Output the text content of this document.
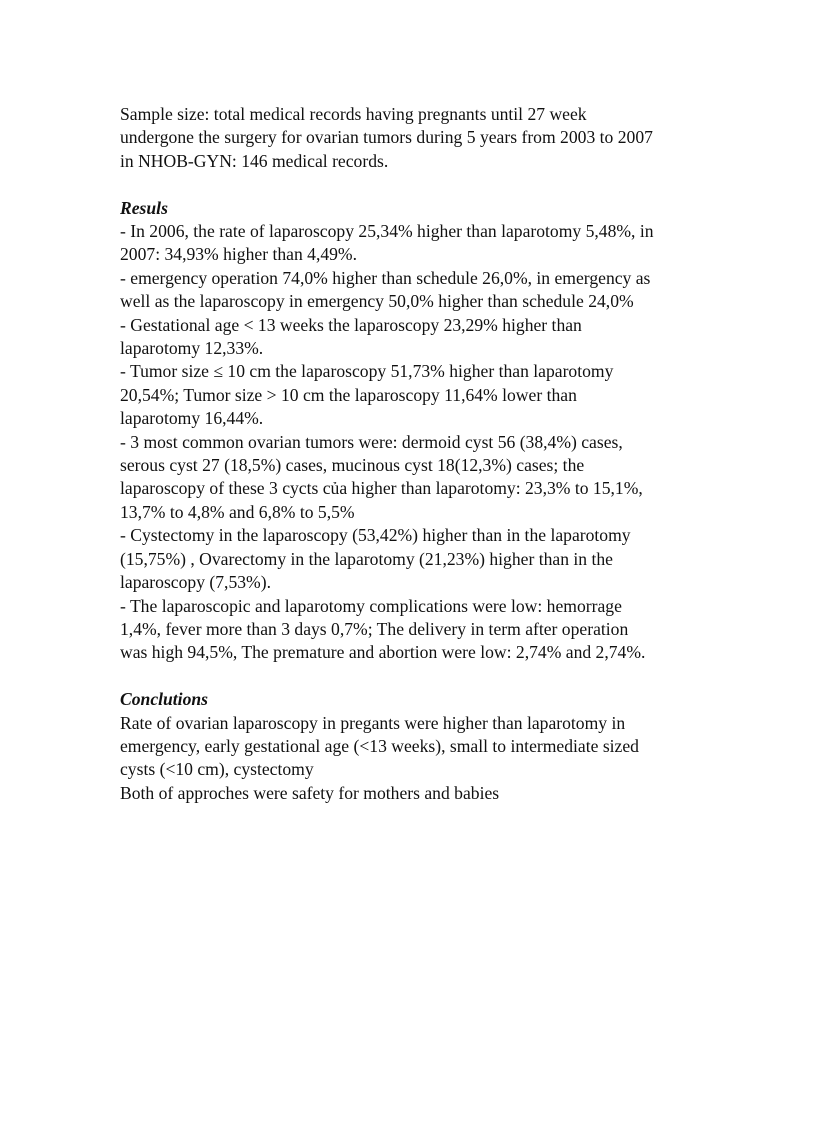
Sample size: total medical records having pregnants until 27 week
undergone the surgery for ovarian tumors during 5 years from 2003 to 2007
in NHOB-GYN: 146 medical records.

Resuls

- In 2006, the rate of laparoscopy 25,34% higher than laparotomy 5,48%, in
2007: 34,93% higher than 4,49%.

- emergency operation 74,0% higher than schedule 26,0%, in emergency as
well as the laparoscopy in emergency 50,0% higher than schedule 24,0%

- Gestational age < 13 weeks the laparoscopy 23,29% higher than
laparotomy 12,33%.

- Tumor size ≤ 10 cm the laparoscopy 51,73% higher than laparotomy
20,54%; Tumor size > 10 cm the laparoscopy 11,64% lower than
laparotomy 16,44%.

- 3 most common ovarian tumors were: dermoid cyst 56 (38,4%) cases,
serous cyst 27 (18,5%) cases, mucinous cyst 18(12,3%) cases; the
laparoscopy of these 3 cycts của higher than laparotomy: 23,3% to 15,1%,
13,7% to 4,8% and 6,8% to 5,5%

- Cystectomy in the laparoscopy (53,42%) higher than in the laparotomy
(15,75%) , Ovarectomy in the laparotomy (21,23%) higher than in the
laparoscopy (7,53%).

- The laparoscopic and laparotomy complications were low: hemorrage
1,4%, fever more than 3 days 0,7%; The delivery in term after operation
was high 94,5%, The premature and abortion were low: 2,74% and 2,74%.

Conclutions

Rate of ovarian laparoscopy in pregants were higher than laparotomy in
emergency, early gestational age (<13 weeks), small to intermediate sized
cysts (<10 cm), cystectomy

Both of approches were safety for mothers and babies
